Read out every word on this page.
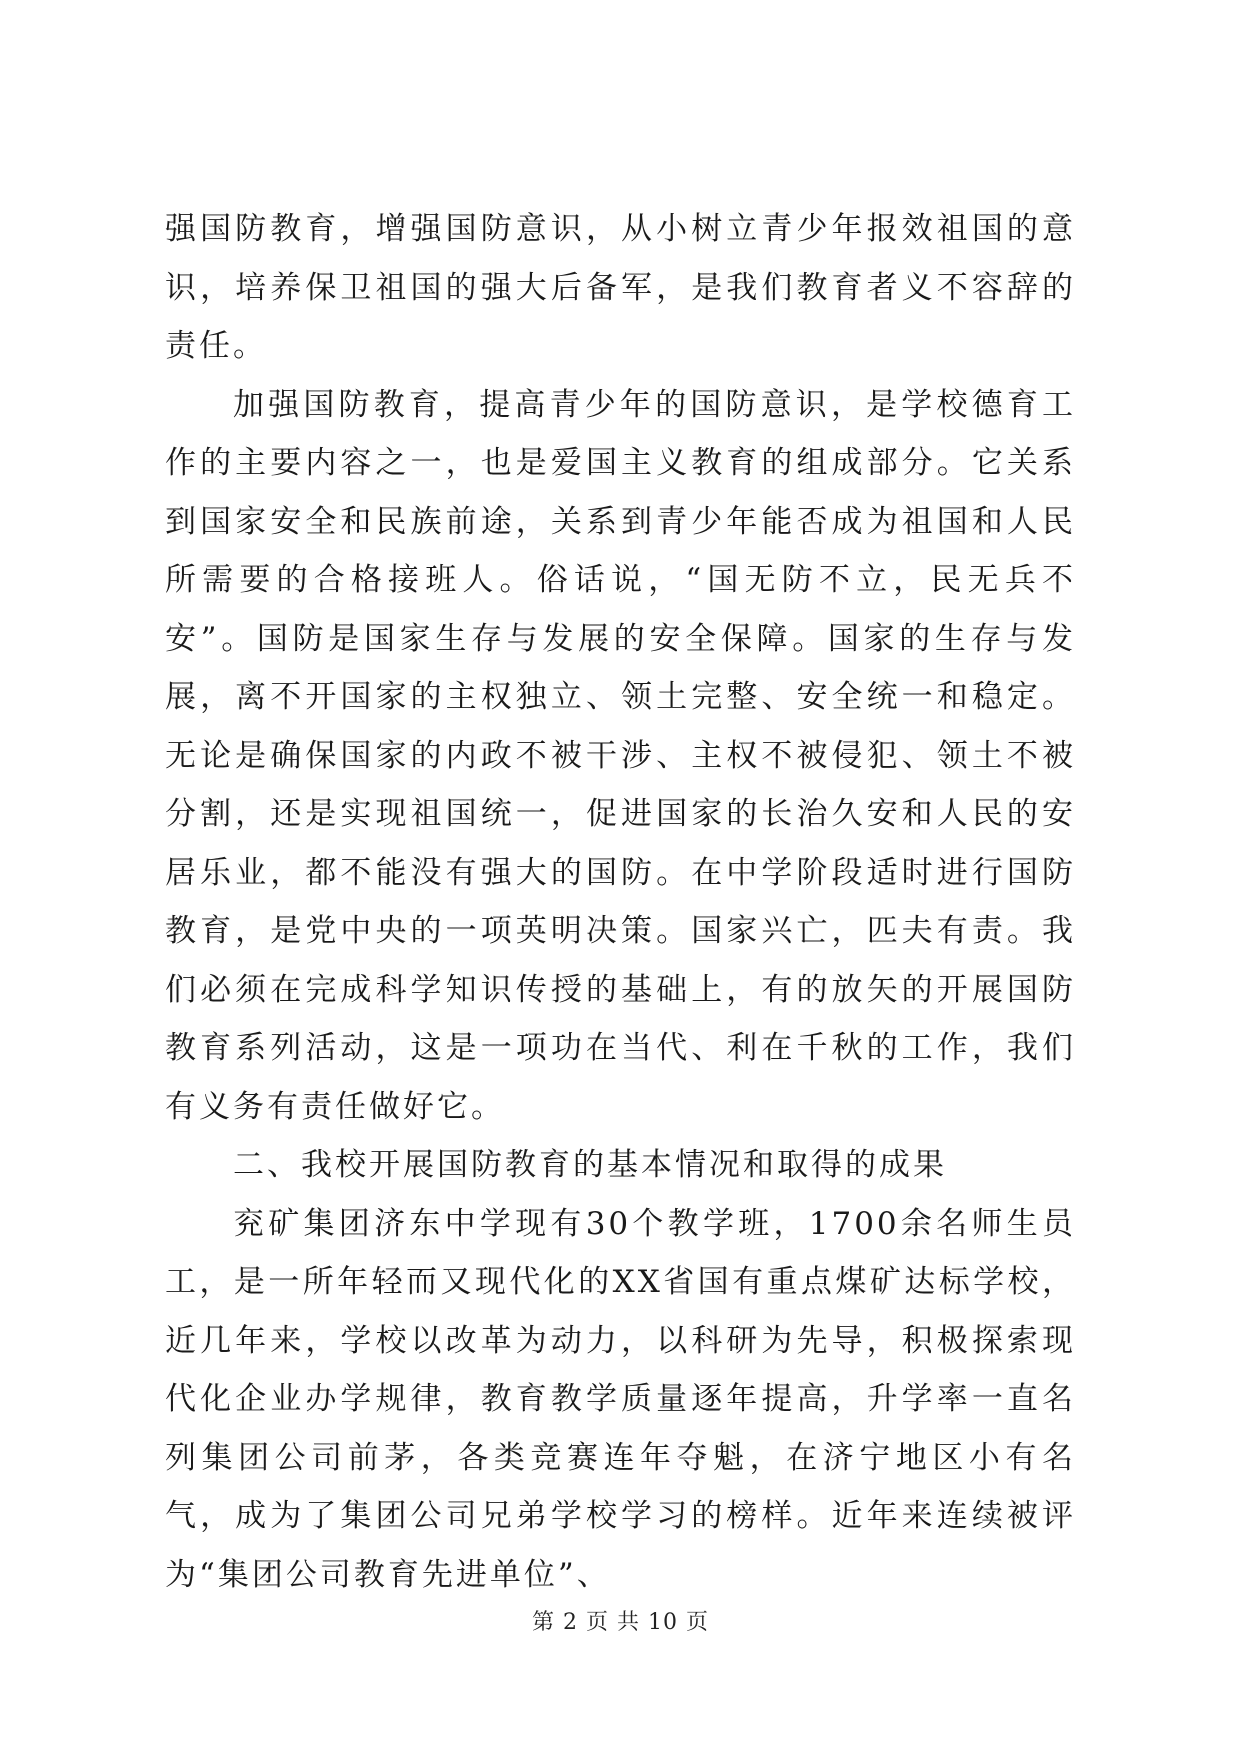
强国防教育，增强国防意识，从小树立青少年报效祖国的意识，培养保卫祖国的强大后备军，是我们教育者义不容辞的责任。

加强国防教育，提高青少年的国防意识，是学校德育工作的主要内容之一，也是爱国主义教育的组成部分。它关系到国家安全和民族前途，关系到青少年能否成为祖国和人民所需要的合格接班人。俗话说，“国无防不立，民无兵不安”。国防是国家生存与发展的安全保障。国家的生存与发展，离不开国家的主权独立、领土完整、安全统一和稳定。无论是确保国家的内政不被干涉、主权不被侵犯、领土不被分割，还是实现祖国统一，促进国家的长治久安和人民的安居乐业，都不能没有强大的国防。在中学阶段适时进行国防教育，是党中央的一项英明决策。国家兴亡，匹夫有责。我们必须在完成科学知识传授的基础上，有的放矢的开展国防教育系列活动，这是一项功在当代、利在千秋的工作，我们有义务有责任做好它。

二、我校开展国防教育的基本情况和取得的成果

兖矿集团济东中学现有30个教学班，1700余名师生员工，是一所年轻而又现代化的XX省国有重点煤矿达标学校，近几年来，学校以改革为动力，以科研为先导，积极探索现代化企业办学规律，教育教学质量逐年提高，升学率一直名列集团公司前茅，各类竞赛连年夺魁，在济宁地区小有名气，成为了集团公司兄弟学校学习的榜样。近年来连续被评为“集团公司教育先进单位”、

第 2 页 共 10 页
